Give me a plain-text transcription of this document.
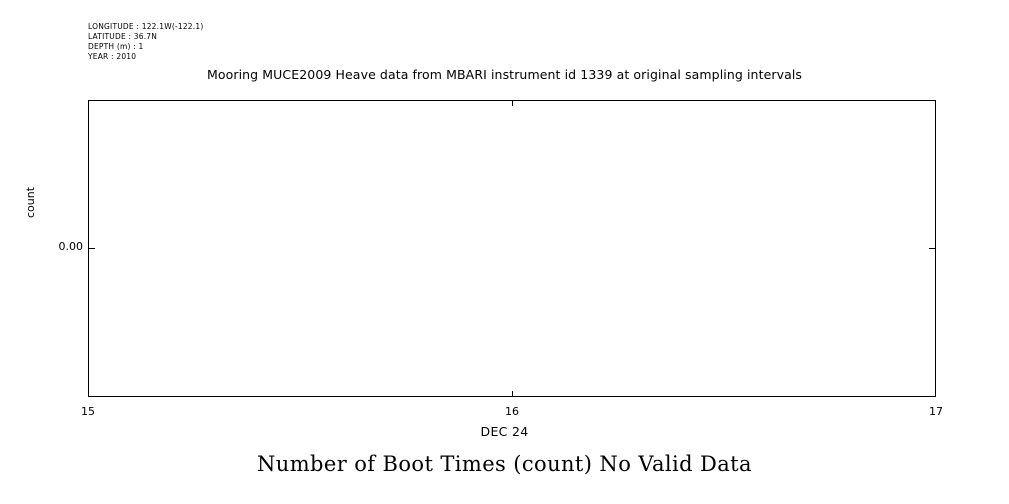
LONGITUDE : 122.1W(-122.1)
LATITUDE : 36.7N
DEPTH (m) : 1
YEAR : 2010
Mooring MUCE2009 Heave data from MBARI instrument id 1339 at original sampling intervals
count
0.00
15	16	17
DEC 24
Number of Boot Times (count) No Valid Data
